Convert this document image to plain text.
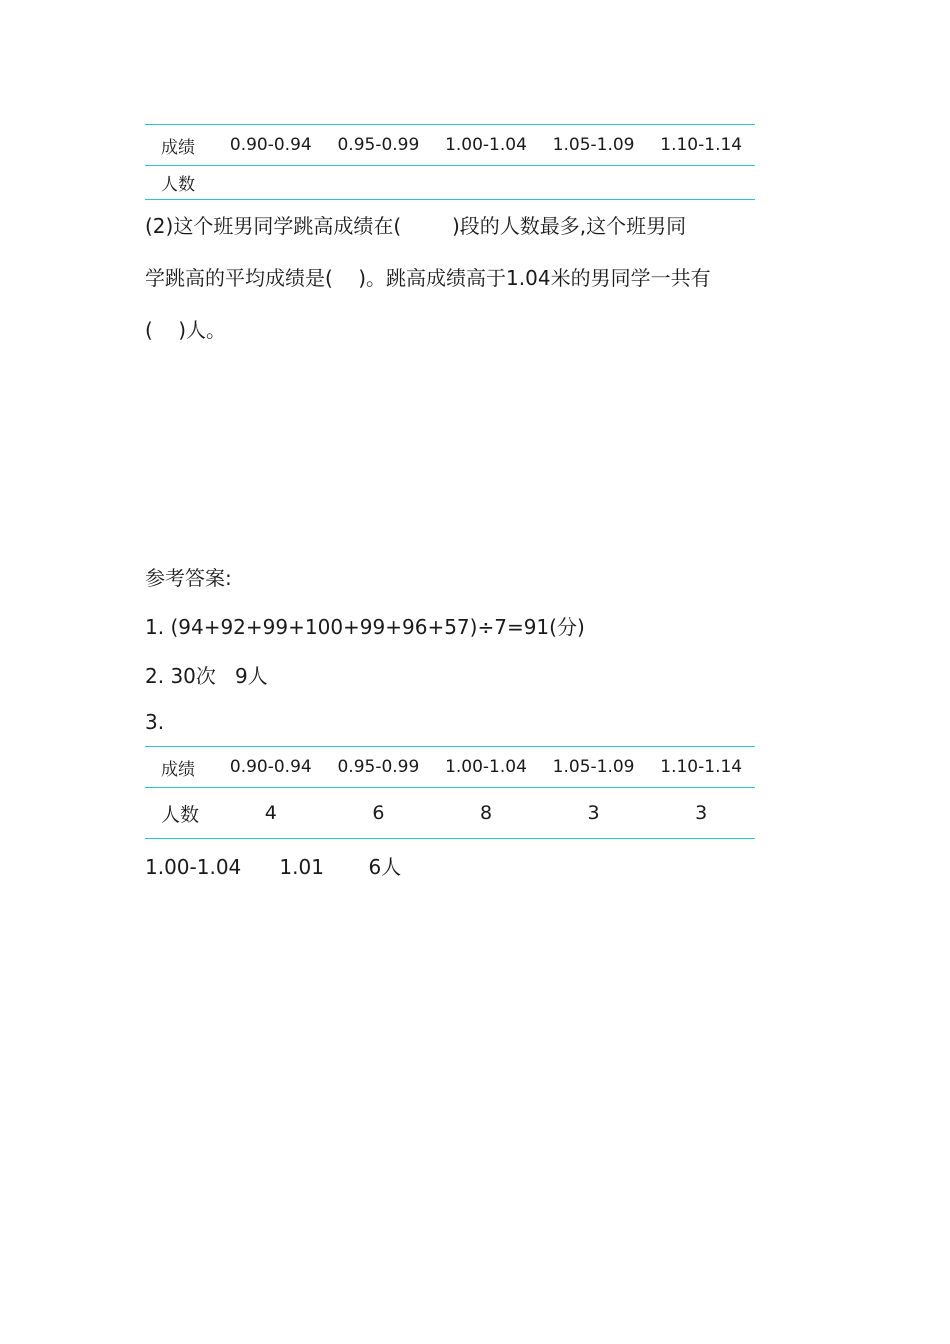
成绩	0.90-0.94	0.95-0.99	1.00-1.04	1.05-1.09	1.10-1.14
人数					
(2)这个班男同学跳高成绩在(        )段的人数最多,这个班男同
学跳高的平均成绩是(    )。跳高成绩高于1.04米的男同学一共有
(    )人。
参考答案:
1. (94+92+99+100+99+96+57)÷7=91(分)
2. 30次   9人
3.
成绩	0.90-0.94	0.95-0.99	1.00-1.04	1.05-1.09	1.10-1.14
人数	4	6	8	3	3
1.00-1.04      1.01       6人
